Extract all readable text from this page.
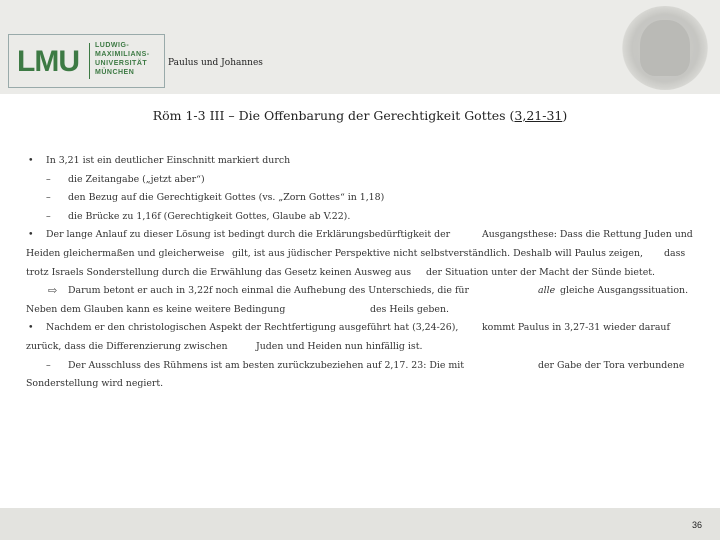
LMU LUDWIG-
MAXIMILIANS-
UNIVERSITÄT
MÜNCHEN
Paulus und Johannes
Röm 1-3 III – Die Offenbarung der Gerechtigkeit Gottes (3,21-31)
• In 3,21 ist ein deutlicher Einschnitt markiert durch
– die Zeitangabe („jetzt aber“)
– den Bezug auf die Gerechtigkeit Gottes (vs. „Zorn Gottes“ in 1,18)
– die Brücke zu 1,16f (Gerechtigkeit Gottes, Glaube ab V.22).
• Der lange Anlauf zu dieser Lösung ist bedingt durch die Erklärungsbedürftigkeit der	Ausgangsthese: Dass die Rettung Juden und
Heiden gleichermaßen und gleicherweise gilt, ist aus jüdischer Perspektive nicht selbstverständlich. Deshalb will Paulus zeigen, dass
trotz Israels Sonderstellung durch die Erwählung das Gesetz keinen Ausweg aus der Situation unter der Macht der Sünde bietet.
⇨ Darum betont er auch in 3,22f noch einmal die Aufhebung des Unterschieds, die für	alle gleiche Ausgangssituation.
Neben dem Glauben kann es keine weitere Bedingung	des Heils geben.
• Nachdem er den christologischen Aspekt der Rechtfertigung ausgeführt hat (3,24-26),	kommt Paulus in 3,27-31 wieder darauf
zurück, dass die Differenzierung zwischen	Juden und Heiden nun hinfällig ist.
– Der Ausschluss des Rühmens ist am besten zurückzubeziehen auf 2,17. 23: Die mit	der Gabe der Tora verbundene
Sonderstellung wird negiert.
36
